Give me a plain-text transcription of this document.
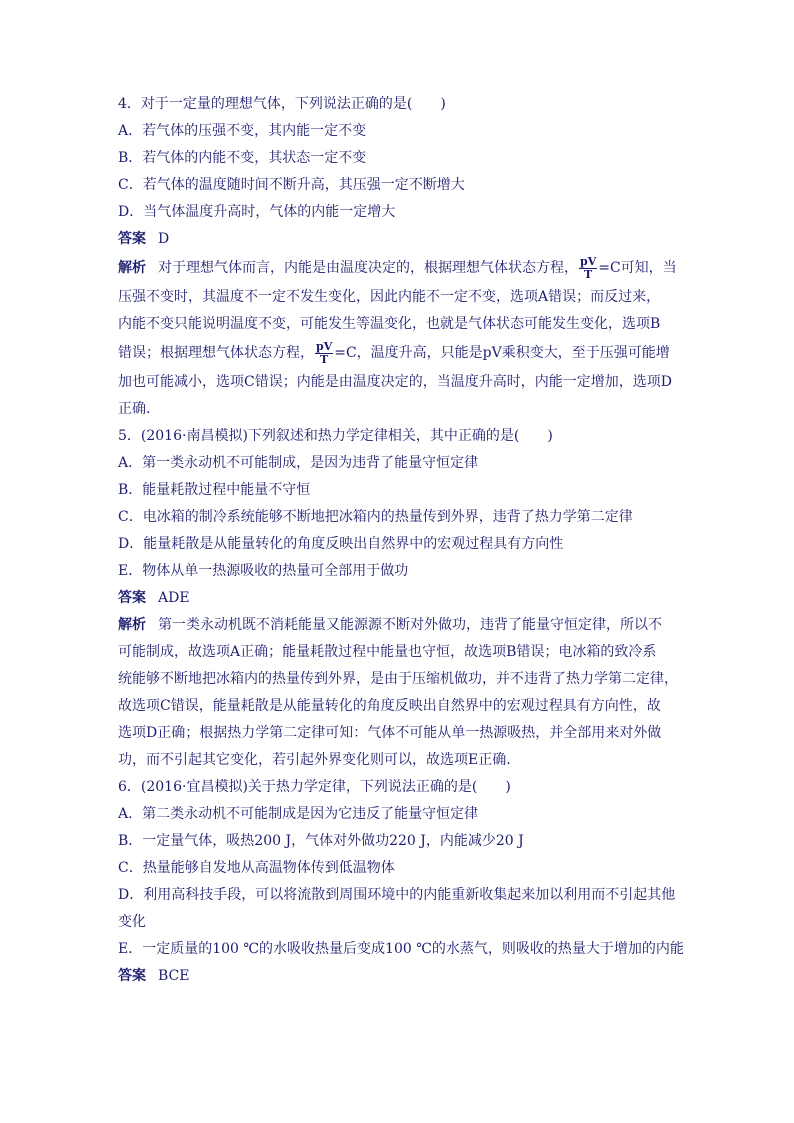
4．对于一定量的理想气体，下列说法正确的是(　　)
A．若气体的压强不变，其内能一定不变
B．若气体的内能不变，其状态一定不变
C．若气体的温度随时间不断升高，其压强一定不断增大
D．当气体温度升高时，气体的内能一定增大
答案 D
解析 对于理想气体而言，内能是由温度决定的，根据理想气体状态方程， $\frac{pV}{T} =C$可知，当
压强不变时，其温度不一定不发生变化，因此内能不一定不变，选项A错误；而反过来，
内能不变只能说明温度不变，可能发生等温变化，也就是气体状态可能发生变化，选项B
错误；根据理想气体状态方程， $\frac{pV}{T} =C$，温度升高，只能是pV乘积变大，至于压强可能增
加也可能减小，选项C错误；内能是由温度决定的，当温度升高时，内能一定增加，选项D
正确.
5．(2016·南昌模拟)下列叙述和热力学定律相关，其中正确的是(　　)
A．第一类永动机不可能制成，是因为违背了能量守恒定律
B．能量耗散过程中能量不守恒
C．电冰箱的制冷系统能够不断地把冰箱内的热量传到外界，违背了热力学第二定律
D．能量耗散是从能量转化的角度反映出自然界中的宏观过程具有方向性
E．物体从单一热源吸收的热量可全部用于做功
答案 ADE
解析 第一类永动机既不消耗能量又能源源不断对外做功，违背了能量守恒定律，所以不
可能制成，故选项A正确；能量耗散过程中能量也守恒，故选项B错误；电冰箱的致冷系
统能够不断地把冰箱内的热量传到外界，是由于压缩机做功，并不违背了热力学第二定律，
故选项C错误，能量耗散是从能量转化的角度反映出自然界中的宏观过程具有方向性，故
选项D正确；根据热力学第二定律可知：气体不可能从单一热源吸热，并全部用来对外做
功，而不引起其它变化，若引起外界变化则可以，故选项E正确.
6．(2016·宜昌模拟)关于热力学定律，下列说法正确的是(　　)
A．第二类永动机不可能制成是因为它违反了能量守恒定律
B．一定量气体，吸热200 J，气体对外做功220 J，内能减少20 J
C．热量能够自发地从高温物体传到低温物体
D．利用高科技手段，可以将流散到周围环境中的内能重新收集起来加以利用而不引起其他
变化
E．一定质量的100 ℃的水吸收热量后变成100 ℃的水蒸气，则吸收的热量大于增加的内能
答案 BCE
